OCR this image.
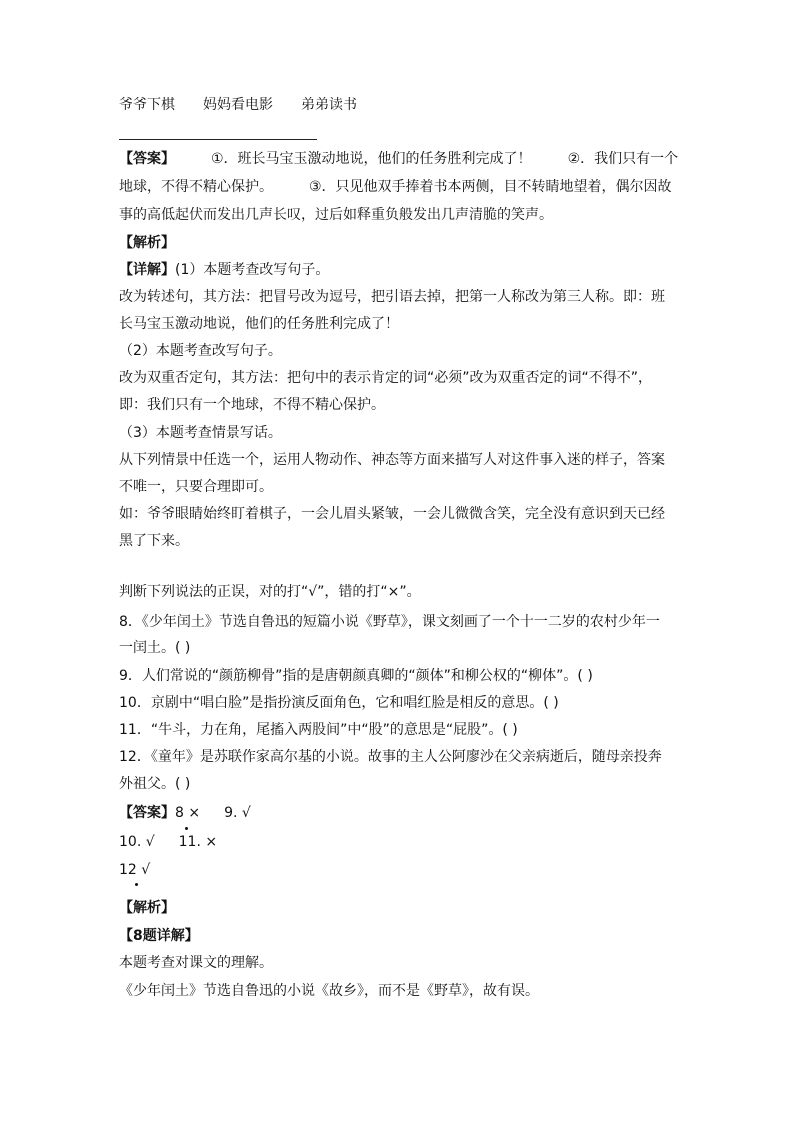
爷爷下棋 妈妈看电影 弟弟读书
【答案】	①．班长马宝玉激动地说，他们的任务胜利完成了！	②．我们只有一个
地球，不得不精心保护。	③．只见他双手捧着书本两侧，目不转睛地望着，偶尔因故
事的高低起伏而发出几声长叹，过后如释重负般发出几声清脆的笑声。
【解析】
【详解】(1）本题考查改写句子。
改为转述句，其方法：把冒号改为逗号，把引语去掉，把第一人称改为第三人称。即：班
长马宝玉激动地说，他们的任务胜利完成了！
（2）本题考查改写句子。
改为双重否定句，其方法：把句中的表示肯定的词“必须”改为双重否定的词“不得不”，
即：我们只有一个地球，不得不精心保护。
（3）本题考查情景写话。
从下列情景中任选一个，运用人物动作、神态等方面来描写人对这件事入迷的样子，答案
不唯一，只要合理即可。
如：爷爷眼睛始终盯着棋子，一会儿眉头紧皱，一会儿微微含笑，完全没有意识到天已经
黑了下来。
判断下列说法的正误，对的打“√”，错的打“×”。
8．《少年闰土》节选自鲁迅的短篇小说《野草》，课文刻画了一个十一二岁的农村少年一
一闰土。( )
9．人们常说的“颜筋柳骨”指的是唐朝颜真卿的“颜体”和柳公权的“柳体”。( )
10．京剧中“唱白脸”是指扮演反面角色，它和唱红脸是相反的意思。( )
11．“牛斗，力在角，尾搐入两股间”中“股”的意思是“屁股”。( )
12．《童年》是苏联作家高尔基的小说。故事的主人公阿廖沙在父亲病逝后，随母亲投奔
外祖父。( )
【答案】8 × 9. √
10. √ 11. ×
12 √
【解析】
【8题详解】
本题考查对课文的理解。
《少年闰土》节选自鲁迅的小说《故乡》，而不是《野草》，故有误。
